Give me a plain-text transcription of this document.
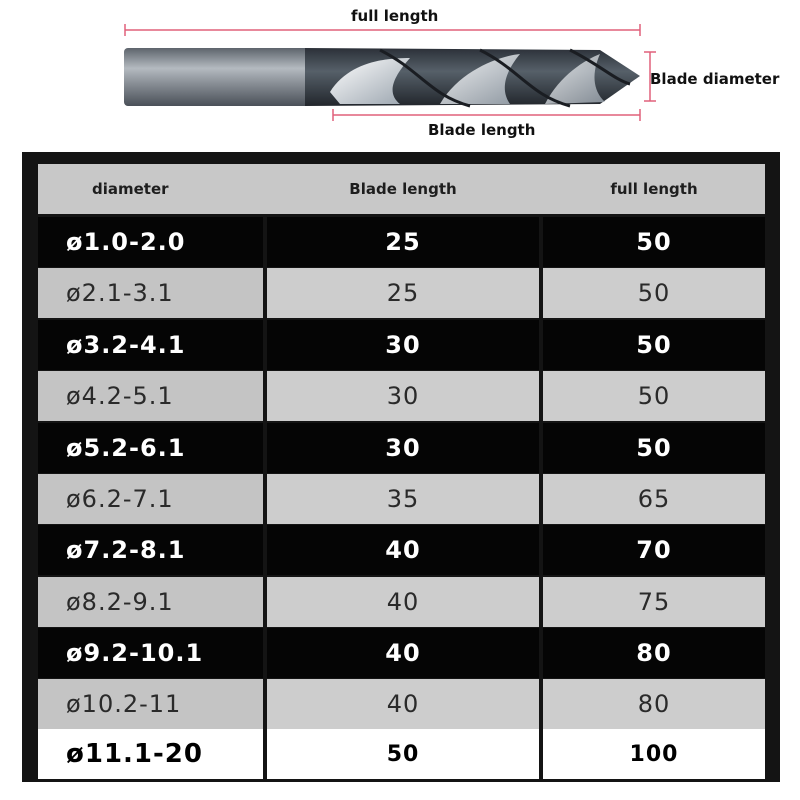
full length
Blade length
Blade diameter
diameter	Blade length	full length
ø1.0-2.0	25	50
ø2.1-3.1	25	50
ø3.2-4.1	30	50
ø4.2-5.1	30	50
ø5.2-6.1	30	50
ø6.2-7.1	35	65
ø7.2-8.1	40	70
ø8.2-9.1	40	75
ø9.2-10.1	40	80
ø10.2-11	40	80
ø11.1-20	50	100
